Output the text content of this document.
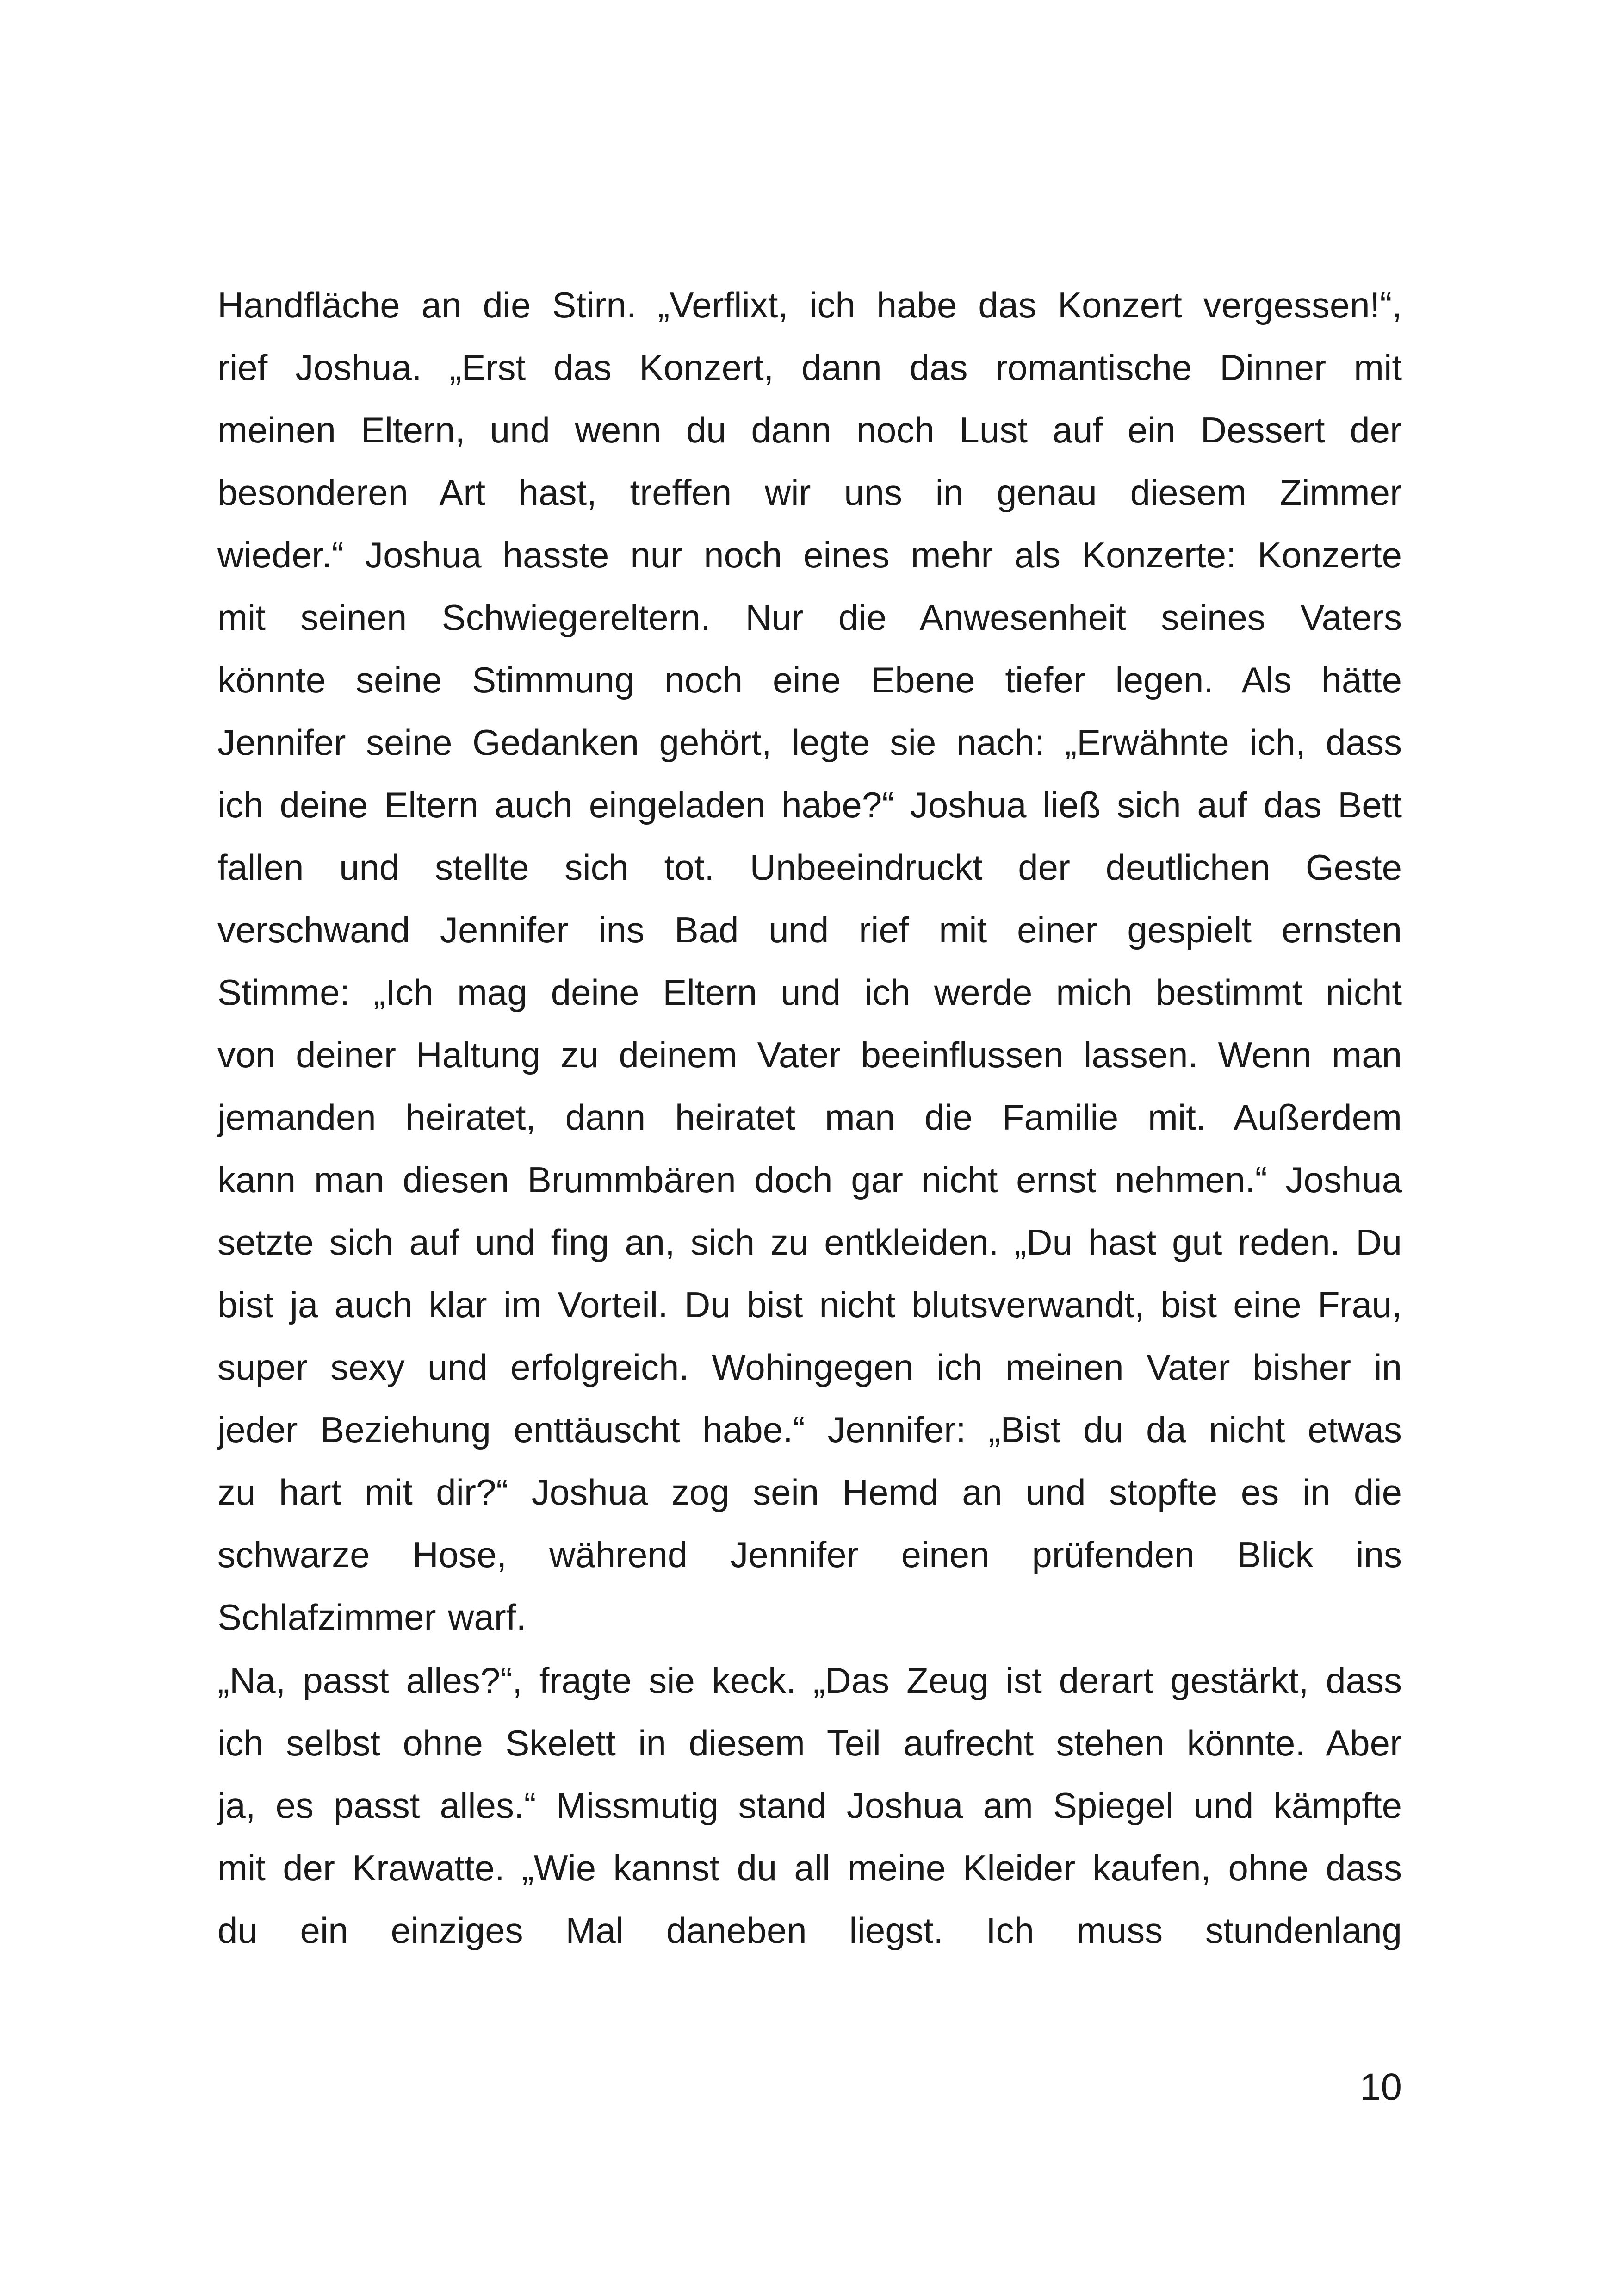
Handfläche an die Stirn. „Verflixt, ich habe das Konzert vergessen!“,
rief Joshua. „Erst das Konzert, dann das romantische Dinner mit
meinen Eltern, und wenn du dann noch Lust auf ein Dessert der
besonderen Art hast, treffen wir uns in genau diesem Zimmer
wieder.“ Joshua hasste nur noch eines mehr als Konzerte: Konzerte
mit seinen Schwiegereltern. Nur die Anwesenheit seines Vaters
könnte seine Stimmung noch eine Ebene tiefer legen. Als hätte
Jennifer seine Gedanken gehört, legte sie nach: „Erwähnte ich, dass
ich deine Eltern auch eingeladen habe?“ Joshua ließ sich auf das Bett
fallen und stellte sich tot. Unbeeindruckt der deutlichen Geste
verschwand Jennifer ins Bad und rief mit einer gespielt ernsten
Stimme: „Ich mag deine Eltern und ich werde mich bestimmt nicht
von deiner Haltung zu deinem Vater beeinflussen lassen. Wenn man
jemanden heiratet, dann heiratet man die Familie mit. Außerdem
kann man diesen Brummbären doch gar nicht ernst nehmen.“ Joshua
setzte sich auf und fing an, sich zu entkleiden. „Du hast gut reden. Du
bist ja auch klar im Vorteil. Du bist nicht blutsverwandt, bist eine Frau,
super sexy und erfolgreich. Wohingegen ich meinen Vater bisher in
jeder Beziehung enttäuscht habe.“ Jennifer: „Bist du da nicht etwas
zu hart mit dir?“ Joshua zog sein Hemd an und stopfte es in die
schwarze Hose, während Jennifer einen prüfenden Blick ins
Schlafzimmer warf.
„Na, passt alles?“, fragte sie keck. „Das Zeug ist derart gestärkt, dass
ich selbst ohne Skelett in diesem Teil aufrecht stehen könnte. Aber
ja, es passt alles.“ Missmutig stand Joshua am Spiegel und kämpfte
mit der Krawatte. „Wie kannst du all meine Kleider kaufen, ohne dass
du ein einziges Mal daneben liegst. Ich muss stundenlang
10
